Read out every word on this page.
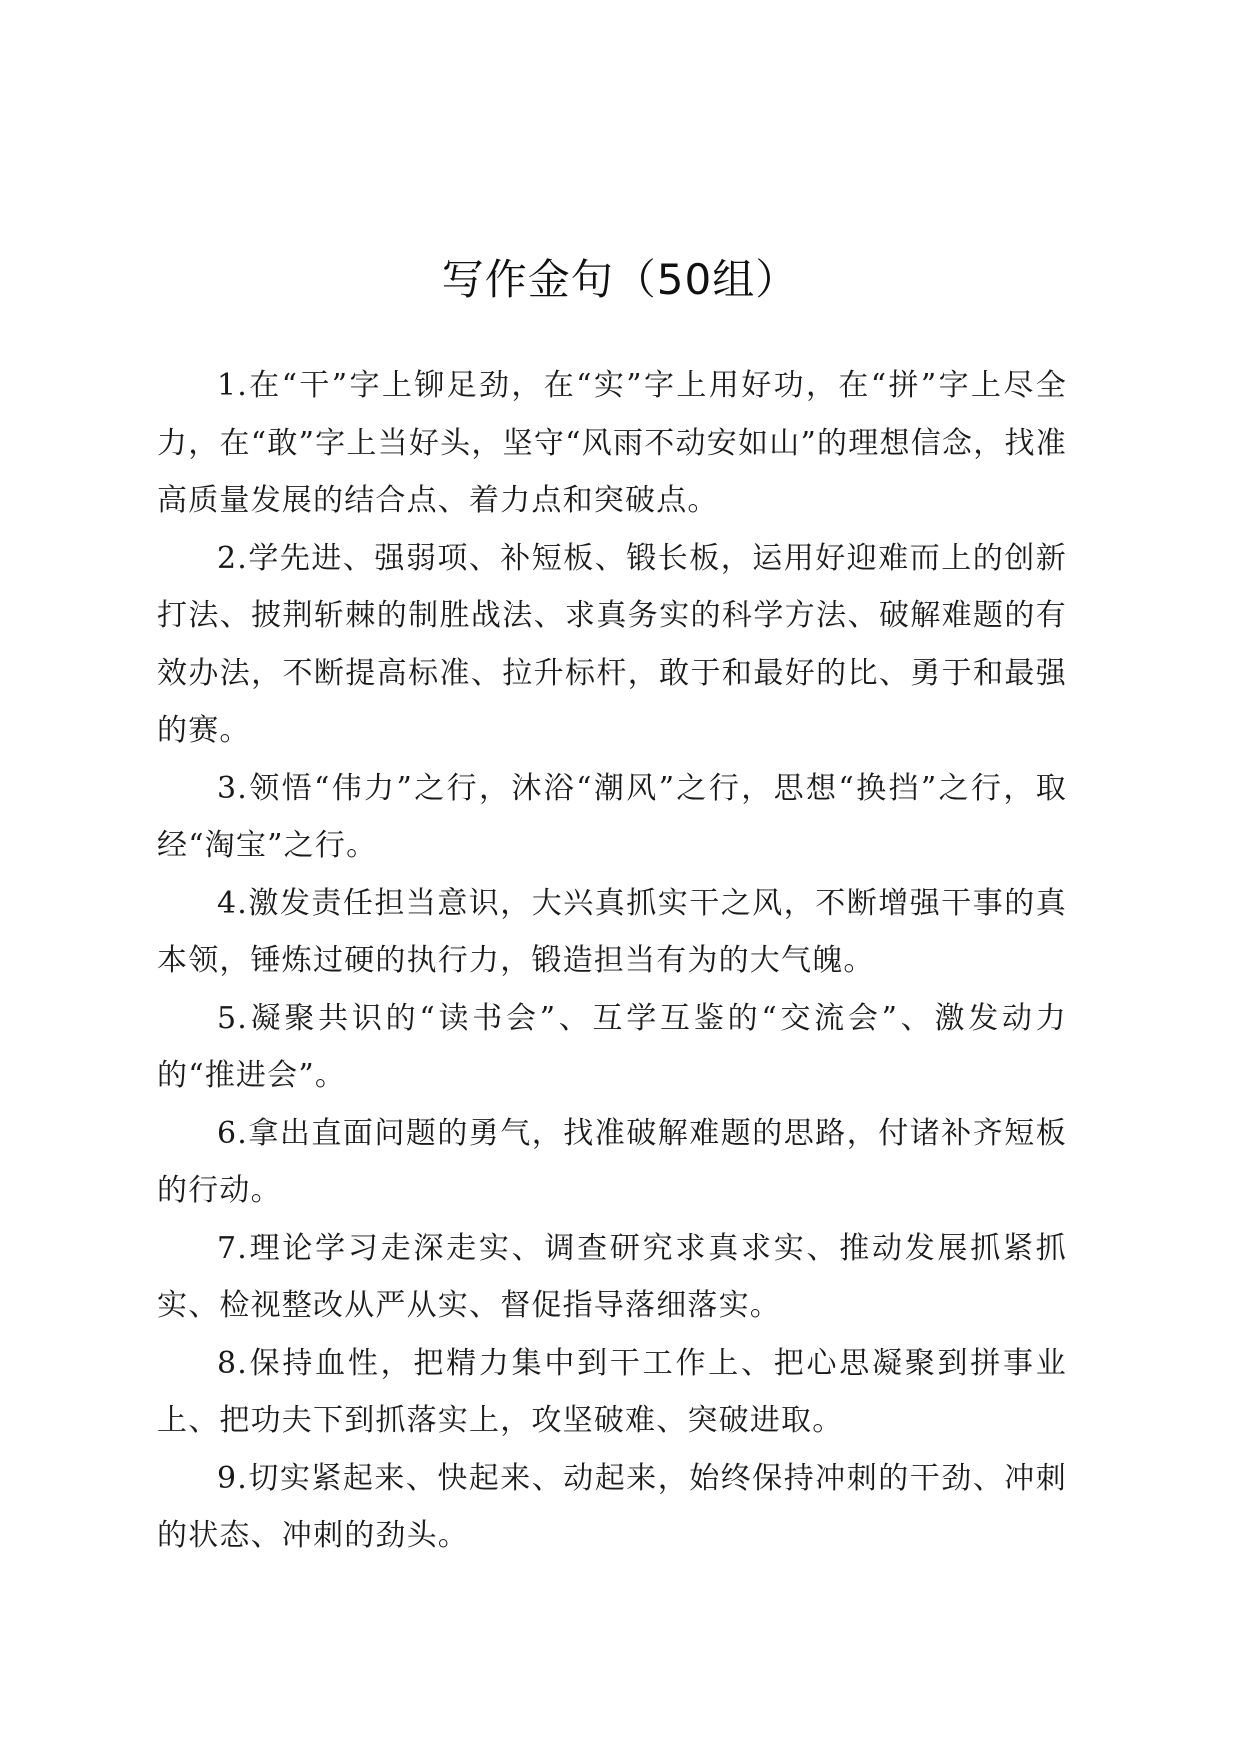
写作金句（50组）

1.在“干”字上铆足劲，在“实”字上用好功，在“拼”字上尽全力，在“敢”字上当好头，坚守“风雨不动安如山”的理想信念，找准高质量发展的结合点、着力点和突破点。

2.学先进、强弱项、补短板、锻长板，运用好迎难而上的创新打法、披荆斩棘的制胜战法、求真务实的科学方法、破解难题的有效办法，不断提高标准、拉升标杆，敢于和最好的比、勇于和最强的赛。

3.领悟“伟力”之行，沐浴“潮风”之行，思想“换挡”之行，取经“淘宝”之行。

4.激发责任担当意识，大兴真抓实干之风，不断增强干事的真本领，锤炼过硬的执行力，锻造担当有为的大气魄。

5.凝聚共识的“读书会”、互学互鉴的“交流会”、激发动力的“推进会”。

6.拿出直面问题的勇气，找准破解难题的思路，付诸补齐短板的行动。

7.理论学习走深走实、调查研究求真求实、推动发展抓紧抓实、检视整改从严从实、督促指导落细落实。

8.保持血性，把精力集中到干工作上、把心思凝聚到拼事业上、把功夫下到抓落实上，攻坚破难、突破进取。

9.切实紧起来、快起来、动起来，始终保持冲刺的干劲、冲刺的状态、冲刺的劲头。
